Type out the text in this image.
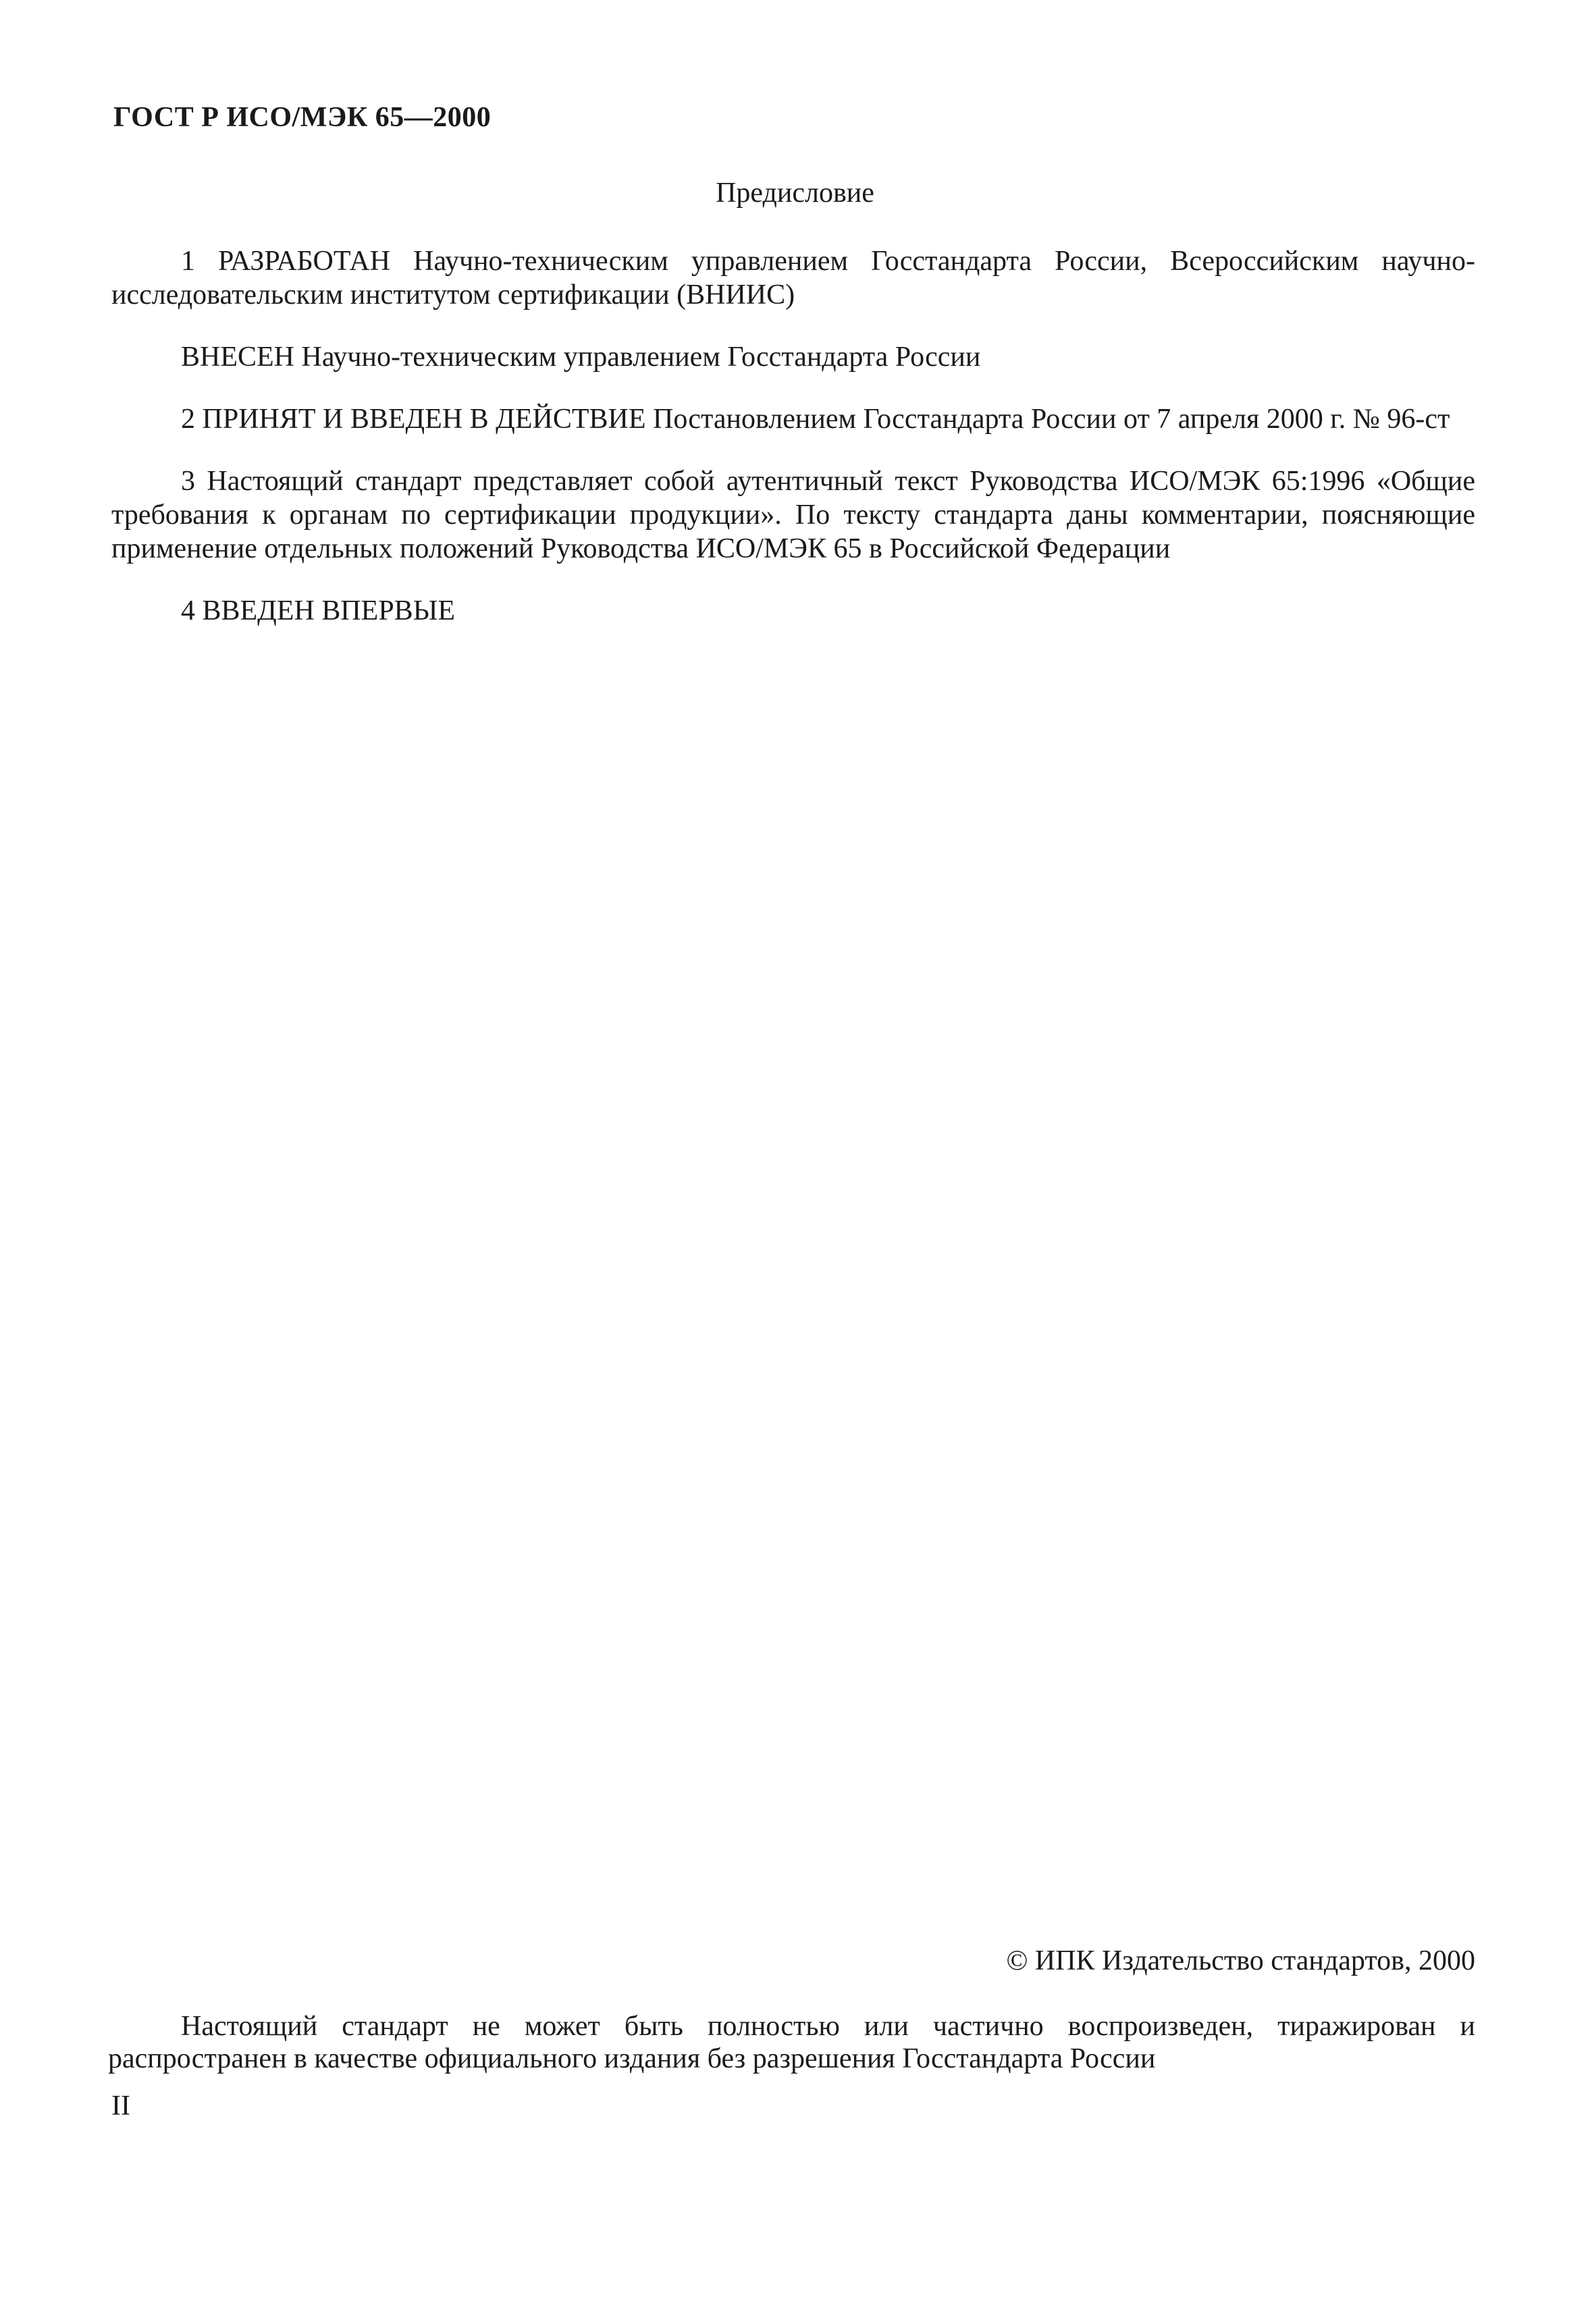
ГОСТ Р ИСО/МЭК 65—2000
Предисловие

1 РАЗРАБОТАН Научно-техническим управлением Госстандарта России, Всероссийским научно-исследовательским институтом сертификации (ВНИИС)

ВНЕСЕН Научно-техническим управлением Госстандарта России

2 ПРИНЯТ И ВВЕДЕН В ДЕЙСТВИЕ Постановлением Госстандарта России от 7 апреля 2000 г. № 96-ст

3 Настоящий стандарт представляет собой аутентичный текст Руководства ИСО/МЭК 65:1996 «Общие требования к органам по сертификации продукции». По тексту стандарта даны комментарии, поясняющие применение отдельных положений Руководства ИСО/МЭК 65 в Российской Федерации

4 ВВЕДЕН ВПЕРВЫЕ

© ИПК Издательство стандартов, 2000

Настоящий стандарт не может быть полностью или частично воспроизведен, тиражирован и распространен в качестве официального издания без разрешения Госстандарта России

II
